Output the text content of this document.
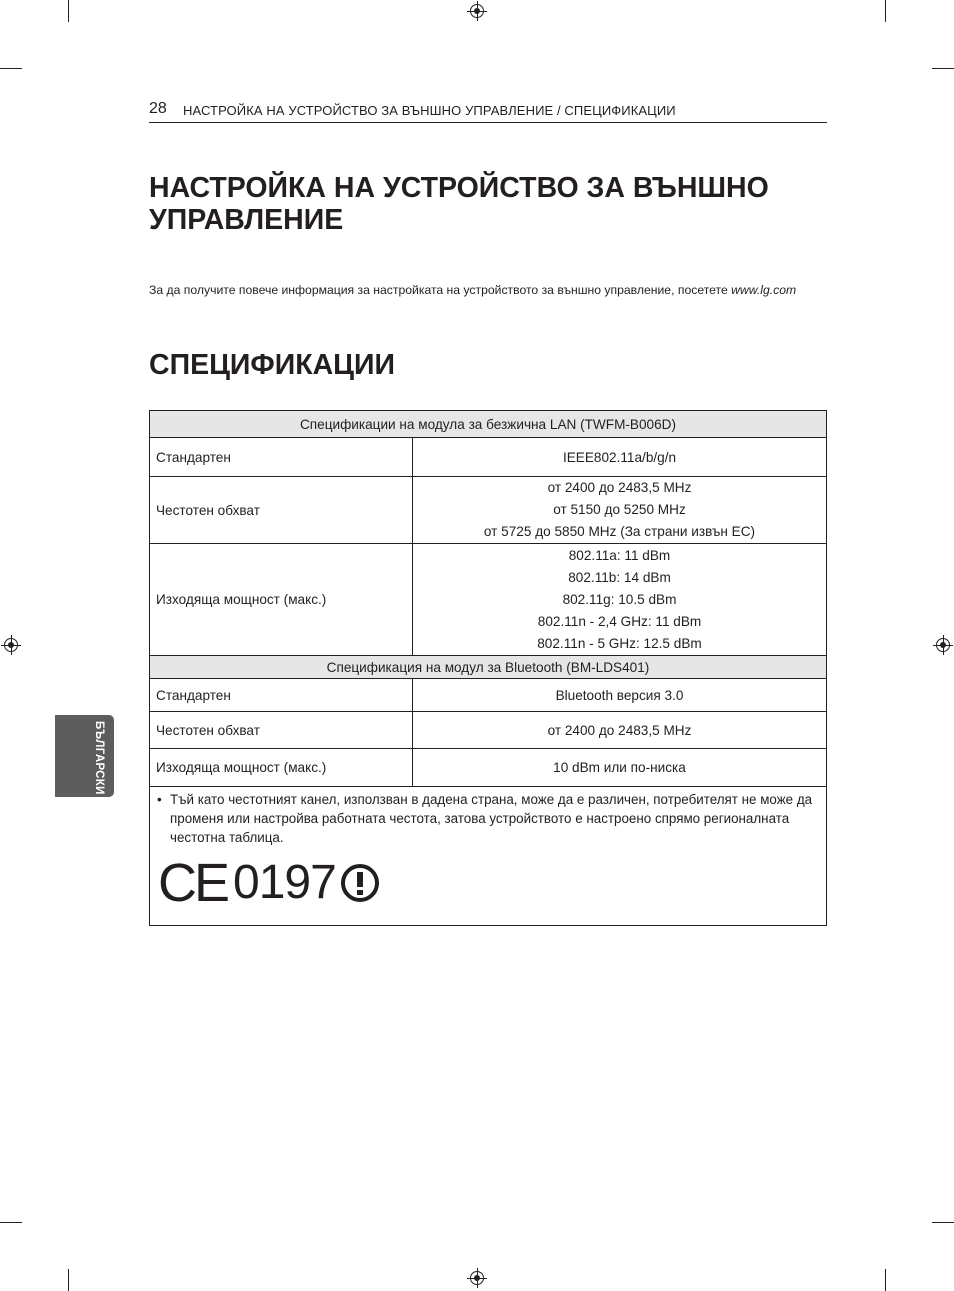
28 НАСТРОЙКА НА УСТРОЙСТВО ЗА ВЪНШНО УПРАВЛЕНИЕ / СПЕЦИФИКАЦИИ
НАСТРОЙКА НА УСТРОЙСТВО ЗА ВЪНШНО УПРАВЛЕНИЕ
За да получите повече информация за настройката на устройството за външно управление, посетете www.lg.com
СПЕЦИФИКАЦИИ
Спецификации на модула за безжична LAN (TWFM-B006D)	
Стандартен	IEEE802.11a/b/g/n
Честотен обхват	от 2400 до 2483,5 MHz
от 5150 до 5250 MHz
от 5725 до 5850 MHz (За страни извън ЕС)

Изходяща мощност (макс.)	802.11a: 11 dBm
802.11b: 14 dBm
802.11g: 10.5 dBm
802.11n - 2,4 GHz: 11 dBm
802.11n - 5 GHz: 12.5 dBm

Спецификация на модул за Bluetooth (BM-LDS401)	
Стандартен	Bluetooth версия 3.0
Честотен обхват	от 2400 до 2483,5 MHz
Изходяща мощност (макс.)	10 dBm или по-ниска

• Тъй като честотният канел, използван в дадена страна, може да е различен, потребителят не може да променя или настройва работната честота, затова устройството е настроено спрямо регионалната честотна таблица.
CE 0197
БЪЛГАРСКИ
